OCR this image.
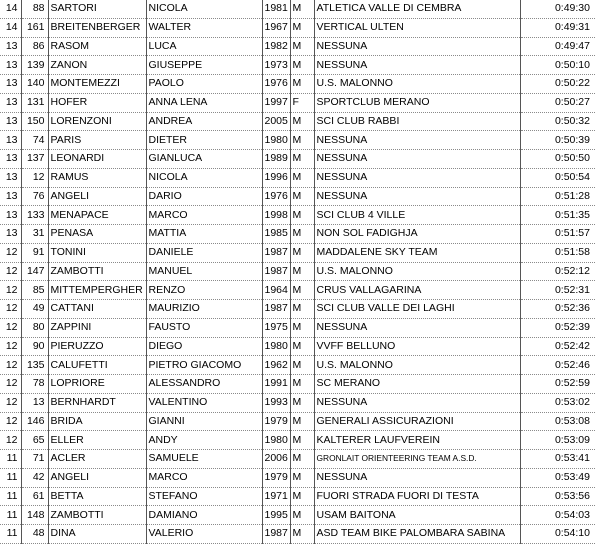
14	88	SARTORI	NICOLA	1981	M	ATLETICA VALLE DI CEMBRA	0:49:30
14	161	BREITENBERGER	WALTER	1967	M	VERTICAL ULTEN	0:49:31
13	86	RASOM	LUCA	1982	M	NESSUNA	0:49:47
13	139	ZANON	GIUSEPPE	1973	M	NESSUNA	0:50:10
13	140	MONTEMEZZI	PAOLO	1976	M	U.S. MALONNO	0:50:22
13	131	HOFER	ANNA LENA	1997	F	SPORTCLUB MERANO	0:50:27
13	150	LORENZONI	ANDREA	2005	M	SCI CLUB RABBI	0:50:32
13	74	PARIS	DIETER	1980	M	NESSUNA	0:50:39
13	137	LEONARDI	GIANLUCA	1989	M	NESSUNA	0:50:50
13	12	RAMUS	NICOLA	1996	M	NESSUNA	0:50:54
13	76	ANGELI	DARIO	1976	M	NESSUNA	0:51:28
13	133	MENAPACE	MARCO	1998	M	SCI CLUB 4 VILLE	0:51:35
13	31	PENASA	MATTIA	1985	M	NON SOL FADIGHJA	0:51:57
12	91	TONINI	DANIELE	1987	M	MADDALENE SKY TEAM	0:51:58
12	147	ZAMBOTTI	MANUEL	1987	M	U.S. MALONNO	0:52:12
12	85	MITTEMPERGHER	RENZO	1964	M	CRUS VALLAGARINA	0:52:31
12	49	CATTANI	MAURIZIO	1987	M	SCI CLUB VALLE DEI LAGHI	0:52:36
12	80	ZAPPINI	FAUSTO	1975	M	NESSUNA	0:52:39
12	90	PIERUZZO	DIEGO	1980	M	VVFF BELLUNO	0:52:42
12	135	CALUFETTI	PIETRO GIACOMO	1962	M	U.S. MALONNO	0:52:46
12	78	LOPRIORE	ALESSANDRO	1991	M	SC MERANO	0:52:59
12	13	BERNHARDT	VALENTINO	1993	M	NESSUNA	0:53:02
12	146	BRIDA	GIANNI	1979	M	GENERALI ASSICURAZIONI	0:53:08
12	65	ELLER	ANDY	1980	M	KALTERER LAUFVEREIN	0:53:09
11	71	ACLER	SAMUELE	2006	M	GRONLAIT ORIENTEERING TEAM A.S.D.	0:53:41
11	42	ANGELI	MARCO	1979	M	NESSUNA	0:53:49
11	61	BETTA	STEFANO	1971	M	FUORI STRADA FUORI DI TESTA	0:53:56
11	148	ZAMBOTTI	DAMIANO	1995	M	USAM BAITONA	0:54:03
11	48	DINA	VALERIO	1987	M	ASD TEAM BIKE PALOMBARA SABINA	0:54:10
